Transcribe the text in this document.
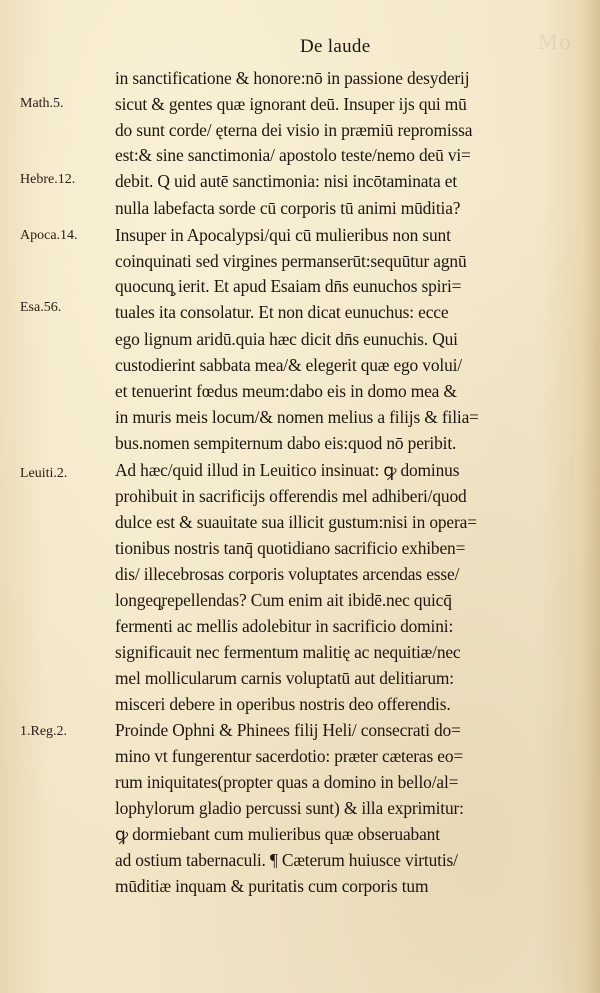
Mo
De laude
Math.5.
Hebre.12.
Apoca.14.
Esa.56.
Leuiti.2.
1.Reg.2.
in sanctificatione & honore:nō in passione desyderij
sicut & gentes quæ ignorant deū. Insuper ijs qui mū
do sunt corde/ ęterna dei visio in præmiū repromissa
est:& sine sanctimonia/ apostolo teste/nemo deū vi=
debit. Q uid autē sanctimonia: nisi incōtaminata et
nulla labefacta sorde cū corporis tū animi mūditia?
Insuper in Apocalypsi/qui cū mulieribus non sunt
coinquinati sed virgines permanserūt:sequūtur agnū
quocunq̧ ierit. Et apud Esaiam dn̄s eunuchos spiri=
tuales ita consolatur. Et non dicat eunuchus: ecce
ego lignum aridū.quia hæc dicit dn̄s eunuchis. Qui
custodierint sabbata mea/& elegerit quæ ego volui/
et tenuerint fœdus meum:dabo eis in domo mea &
in muris meis locum/& nomen melius a filijs & filia=
bus.nomen sempiternum dabo eis:quod nō peribit.
Ad hæc/quid illud in Leuitico insinuat: ꝙ dominus
prohibuit in sacrificijs offerendis mel adhiberi/quod
dulce est & suauitate sua illicit gustum:nisi in opera=
tionibus nostris tanq̄ quotidiano sacrificio exhiben=
dis/ illecebrosas corporis voluptates arcendas esse/
longeq̧repellendas? Cum enim ait ibidē.nec quicq̄
fermenti ac mellis adolebitur in sacrificio domini:
significauit nec fermentum malitię ac nequitiæ/nec
mel mollicularum carnis voluptatū aut delitiarum:
misceri debere in operibus nostris deo offerendis.
Proinde Ophni & Phinees filij Heli/ consecrati do=
mino vt fungerentur sacerdotio: præter cæteras eo=
rum iniquitates(propter quas a domino in bello/al=
lophylorum gladio percussi sunt) & illa exprimitur:
ꝙ dormiebant cum mulieribus quæ obseruabant
ad ostium tabernaculi. ¶ Cæterum huiusce virtutis/
mūditiæ inquam & puritatis cum corporis tum
